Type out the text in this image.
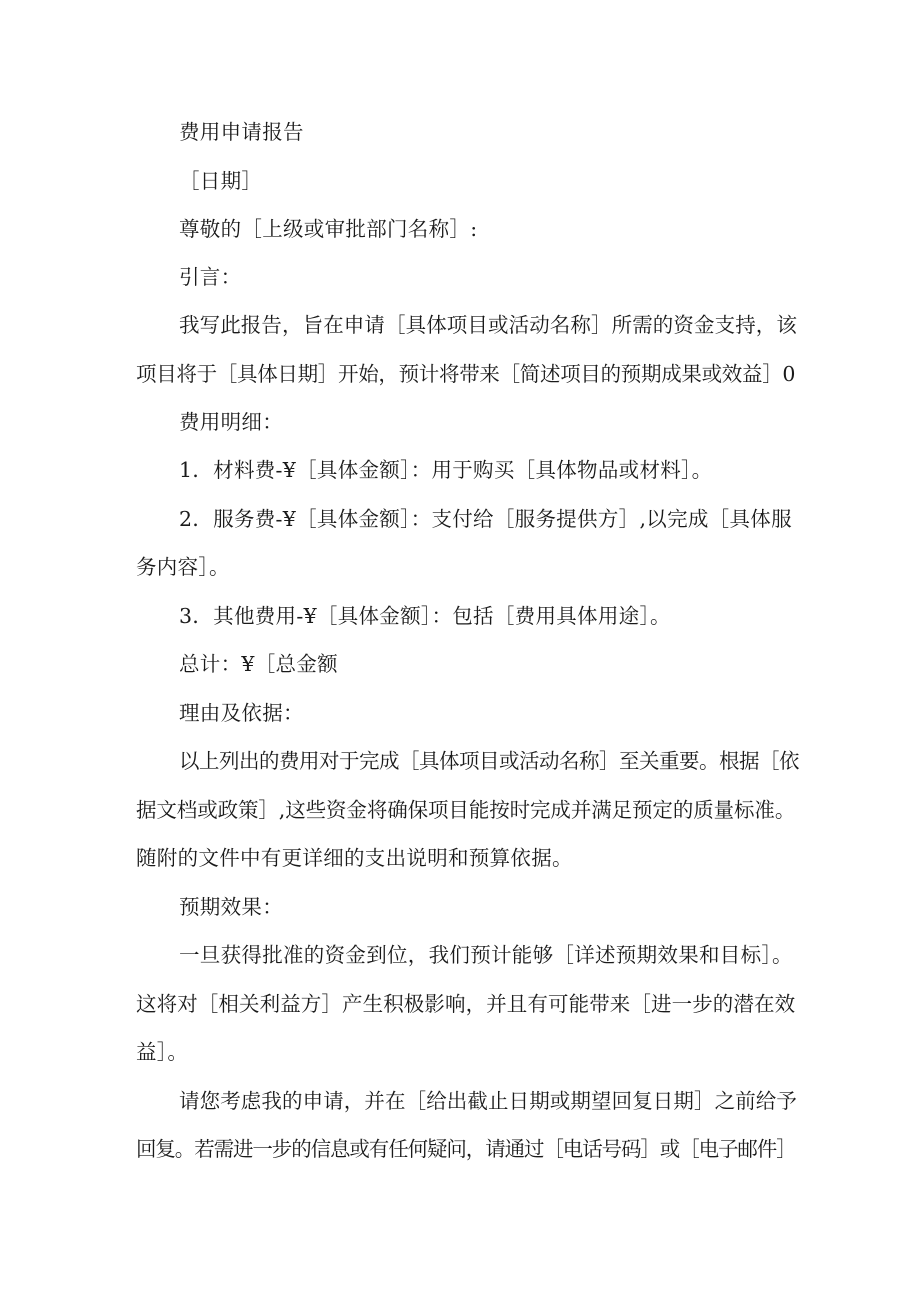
费用申请报告
［日期］
尊敬的［上级或审批部门名称］:
引言：
我写此报告，旨在申请［具体项目或活动名称］所需的资金支持，该
项目将于［具体日期］开始，预计将带来［简述项目的预期成果或效益］0
费用明细：
1．材料费-¥［具体金额］：用于购买［具体物品或材料］。
2．服务费-¥［具体金额］：支付给［服务提供方］,以完成［具体服
务内容］。
3．其他费用-¥［具体金额］：包括［费用具体用途］。
总计：¥［总金额
理由及依据：
以上列出的费用对于完成［具体项目或活动名称］至关重要。根据［依
据文档或政策］,这些资金将确保项目能按时完成并满足预定的质量标准。
随附的文件中有更详细的支出说明和预算依据。
预期效果：
一旦获得批准的资金到位，我们预计能够［详述预期效果和目标］。
这将对［相关利益方］产生积极影响，并且有可能带来［进一步的潜在效
益］。
请您考虑我的申请，并在［给出截止日期或期望回复日期］之前给予
回复。若需进一步的信息或有任何疑问，请通过［电话号码］或［电子邮件］
